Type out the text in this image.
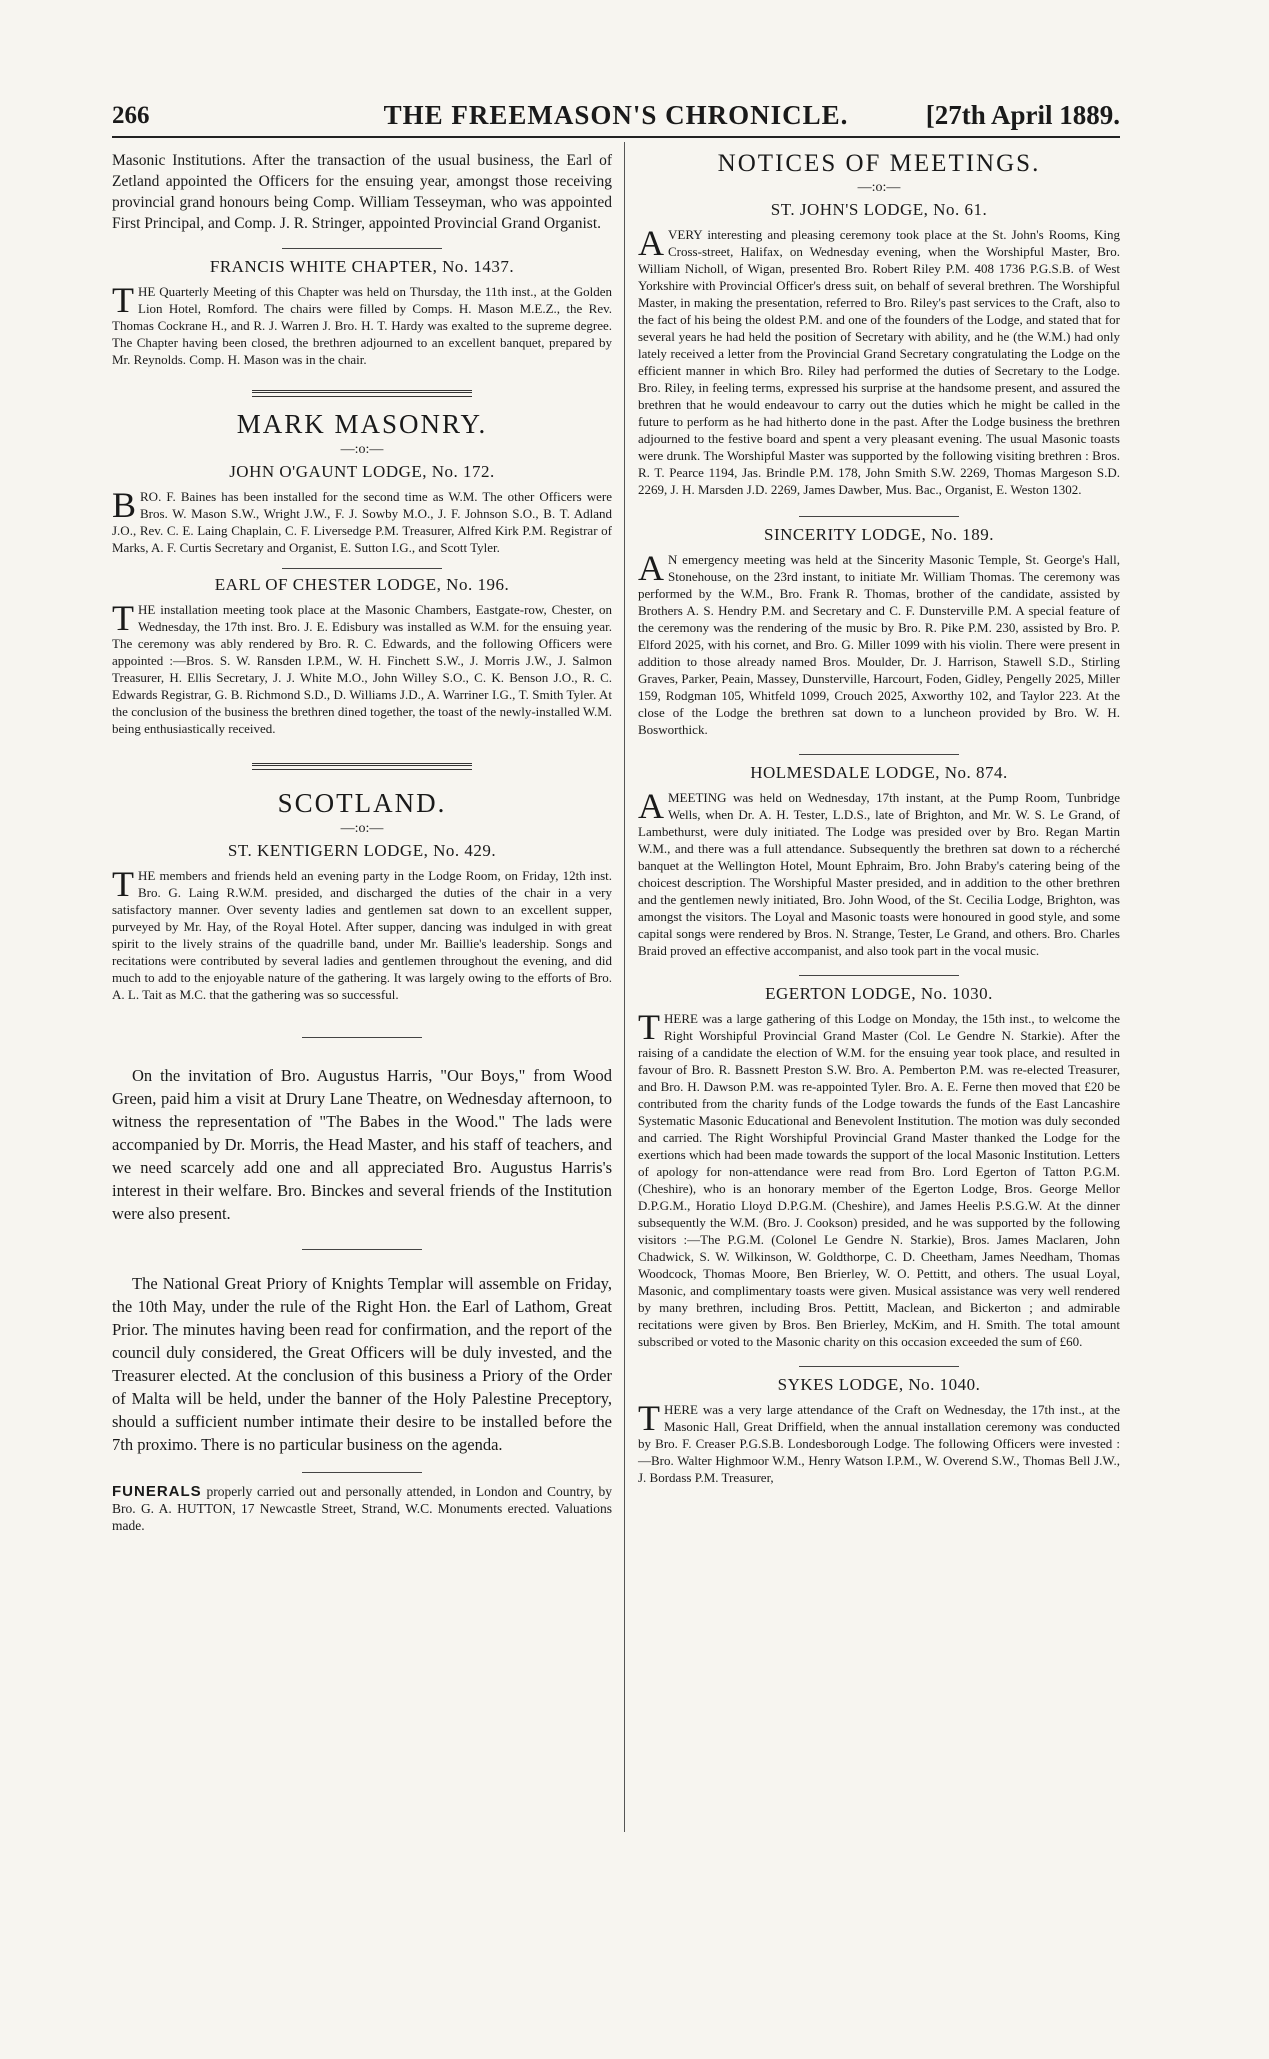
266	THE FREEMASON'S CHRONICLE.	[27th April 1889.

Masonic Institutions. After the transaction of the usual business, the Earl of Zetland appointed the Officers for the ensuing year, amongst those receiving provincial grand honours being Comp. William Tesseyman, who was appointed First Principal, and Comp. J. R. Stringer, appointed Provincial Grand Organist.

FRANCIS WHITE CHAPTER, No. 1437.

THE Quarterly Meeting of this Chapter was held on Thursday, the 11th inst., at the Golden Lion Hotel, Romford. The chairs were filled by Comps. H. Mason M.E.Z., the Rev. Thomas Cockrane H., and R. J. Warren J. Bro. H. T. Hardy was exalted to the supreme degree. The Chapter having been closed, the brethren adjourned to an excellent banquet, prepared by Mr. Reynolds. Comp. H. Mason was in the chair.

MARK MASONRY.
—:o:—
JOHN O'GAUNT LODGE, No. 172.

BRO. F. Baines has been installed for the second time as W.M. The other Officers were Bros. W. Mason S.W., Wright J.W., F. J. Sowby M.O., J. F. Johnson S.O., B. T. Adland J.O., Rev. C. E. Laing Chaplain, C. F. Liversedge P.M. Treasurer, Alfred Kirk P.M. Registrar of Marks, A. F. Curtis Secretary and Organist, E. Sutton I.G., and Scott Tyler.

EARL OF CHESTER LODGE, No. 196.

THE installation meeting took place at the Masonic Chambers, Eastgate-row, Chester, on Wednesday, the 17th inst. Bro. J. E. Edisbury was installed as W.M. for the ensuing year. The ceremony was ably rendered by Bro. R. C. Edwards, and the following Officers were appointed :—Bros. S. W. Ransden I.P.M., W. H. Finchett S.W., J. Morris J.W., J. Salmon Treasurer, H. Ellis Secretary, J. J. White M.O., John Willey S.O., C. K. Benson J.O., R. C. Edwards Registrar, G. B. Richmond S.D., D. Williams J.D., A. Warriner I.G., T. Smith Tyler. At the conclusion of the business the brethren dined together, the toast of the newly-installed W.M. being enthusiastically received.

SCOTLAND.
—:o:—
ST. KENTIGERN LODGE, No. 429.

THE members and friends held an evening party in the Lodge Room, on Friday, 12th inst. Bro. G. Laing R.W.M. presided, and discharged the duties of the chair in a very satisfactory manner. Over seventy ladies and gentlemen sat down to an excellent supper, purveyed by Mr. Hay, of the Royal Hotel. After supper, dancing was indulged in with great spirit to the lively strains of the quadrille band, under Mr. Baillie's leadership. Songs and recitations were contributed by several ladies and gentlemen throughout the evening, and did much to add to the enjoyable nature of the gathering. It was largely owing to the efforts of Bro. A. L. Tait as M.C. that the gathering was so successful.

On the invitation of Bro. Augustus Harris, "Our Boys," from Wood Green, paid him a visit at Drury Lane Theatre, on Wednesday afternoon, to witness the representation of "The Babes in the Wood." The lads were accompanied by Dr. Morris, the Head Master, and his staff of teachers, and we need scarcely add one and all appreciated Bro. Augustus Harris's interest in their welfare. Bro. Binckes and several friends of the Institution were also present.

The National Great Priory of Knights Templar will assemble on Friday, the 10th May, under the rule of the Right Hon. the Earl of Lathom, Great Prior. The minutes having been read for confirmation, and the report of the council duly considered, the Great Officers will be duly invested, and the Treasurer elected. At the conclusion of this business a Priory of the Order of Malta will be held, under the banner of the Holy Palestine Preceptory, should a sufficient number intimate their desire to be installed before the 7th proximo. There is no particular business on the agenda.

FUNERALS properly carried out and personally attended, in London and Country, by Bro. G. A. HUTTON, 17 Newcastle Street, Strand, W.C. Monuments erected. Valuations made.

NOTICES OF MEETINGS.
—:o:—
ST. JOHN'S LODGE, No. 61.

A VERY interesting and pleasing ceremony took place at the St. John's Rooms, King Cross-street, Halifax, on Wednesday evening, when the Worshipful Master, Bro. William Nicholl, of Wigan, presented Bro. Robert Riley P.M. 408 1736 P.G.S.B. of West Yorkshire with Provincial Officer's dress suit, on behalf of several brethren. The Worshipful Master, in making the presentation, referred to Bro. Riley's past services to the Craft, also to the fact of his being the oldest P.M. and one of the founders of the Lodge, and stated that for several years he had held the position of Secretary with ability, and he (the W.M.) had only lately received a letter from the Provincial Grand Secretary congratulating the Lodge on the efficient manner in which Bro. Riley had performed the duties of Secretary to the Lodge. Bro. Riley, in feeling terms, expressed his surprise at the handsome present, and assured the brethren that he would endeavour to carry out the duties which he might be called in the future to perform as he had hitherto done in the past. After the Lodge business the brethren adjourned to the festive board and spent a very pleasant evening. The usual Masonic toasts were drunk. The Worshipful Master was supported by the following visiting brethren : Bros. R. T. Pearce 1194, Jas. Brindle P.M. 178, John Smith S.W. 2269, Thomas Margeson S.D. 2269, J. H. Marsden J.D. 2269, James Dawber, Mus. Bac., Organist, E. Weston 1302.

SINCERITY LODGE, No. 189.

A N emergency meeting was held at the Sincerity Masonic Temple, St. George's Hall, Stonehouse, on the 23rd instant, to initiate Mr. William Thomas. The ceremony was performed by the W.M., Bro. Frank R. Thomas, brother of the candidate, assisted by Brothers A. S. Hendry P.M. and Secretary and C. F. Dunsterville P.M. A special feature of the ceremony was the rendering of the music by Bro. R. Pike P.M. 230, assisted by Bro. P. Elford 2025, with his cornet, and Bro. G. Miller 1099 with his violin. There were present in addition to those already named Bros. Moulder, Dr. J. Harrison, Stawell S.D., Stirling Graves, Parker, Peain, Massey, Dunsterville, Harcourt, Foden, Gidley, Pengelly 2025, Miller 159, Rodgman 105, Whitfeld 1099, Crouch 2025, Axworthy 102, and Taylor 223. At the close of the Lodge the brethren sat down to a luncheon provided by Bro. W. H. Bosworthick.

HOLMESDALE LODGE, No. 874.

A MEETING was held on Wednesday, 17th instant, at the Pump Room, Tunbridge Wells, when Dr. A. H. Tester, L.D.S., late of Brighton, and Mr. W. S. Le Grand, of Lambethurst, were duly initiated. The Lodge was presided over by Bro. Regan Martin W.M., and there was a full attendance. Subsequently the brethren sat down to a récherché banquet at the Wellington Hotel, Mount Ephraim, Bro. John Braby's catering being of the choicest description. The Worshipful Master presided, and in addition to the other brethren and the gentlemen newly initiated, Bro. John Wood, of the St. Cecilia Lodge, Brighton, was amongst the visitors. The Loyal and Masonic toasts were honoured in good style, and some capital songs were rendered by Bros. N. Strange, Tester, Le Grand, and others. Bro. Charles Braid proved an effective accompanist, and also took part in the vocal music.

EGERTON LODGE, No. 1030.

THERE was a large gathering of this Lodge on Monday, the 15th inst., to welcome the Right Worshipful Provincial Grand Master (Col. Le Gendre N. Starkie). After the raising of a candidate the election of W.M. for the ensuing year took place, and resulted in favour of Bro. R. Bassnett Preston S.W. Bro. A. Pemberton P.M. was re-elected Treasurer, and Bro. H. Dawson P.M. was re-appointed Tyler. Bro. A. E. Ferne then moved that £20 be contributed from the charity funds of the Lodge towards the funds of the East Lancashire Systematic Masonic Educational and Benevolent Institution. The motion was duly seconded and carried. The Right Worshipful Provincial Grand Master thanked the Lodge for the exertions which had been made towards the support of the local Masonic Institution. Letters of apology for non-attendance were read from Bro. Lord Egerton of Tatton P.G.M. (Cheshire), who is an honorary member of the Egerton Lodge, Bros. George Mellor D.P.G.M., Horatio Lloyd D.P.G.M. (Cheshire), and James Heelis P.S.G.W. At the dinner subsequently the W.M. (Bro. J. Cookson) presided, and he was supported by the following visitors :—The P.G.M. (Colonel Le Gendre N. Starkie), Bros. James Maclaren, John Chadwick, S. W. Wilkinson, W. Goldthorpe, C. D. Cheetham, James Needham, Thomas Woodcock, Thomas Moore, Ben Brierley, W. O. Pettitt, and others. The usual Loyal, Masonic, and complimentary toasts were given. Musical assistance was very well rendered by many brethren, including Bros. Pettitt, Maclean, and Bickerton ; and admirable recitations were given by Bros. Ben Brierley, McKim, and H. Smith. The total amount subscribed or voted to the Masonic charity on this occasion exceeded the sum of £60.

SYKES LODGE, No. 1040.

THERE was a very large attendance of the Craft on Wednesday, the 17th inst., at the Masonic Hall, Great Driffield, when the annual installation ceremony was conducted by Bro. F. Creaser P.G.S.B. Londesborough Lodge. The following Officers were invested :—Bro. Walter Highmoor W.M., Henry Watson I.P.M., W. Overend S.W., Thomas Bell J.W., J. Bordass P.M. Treasurer,
